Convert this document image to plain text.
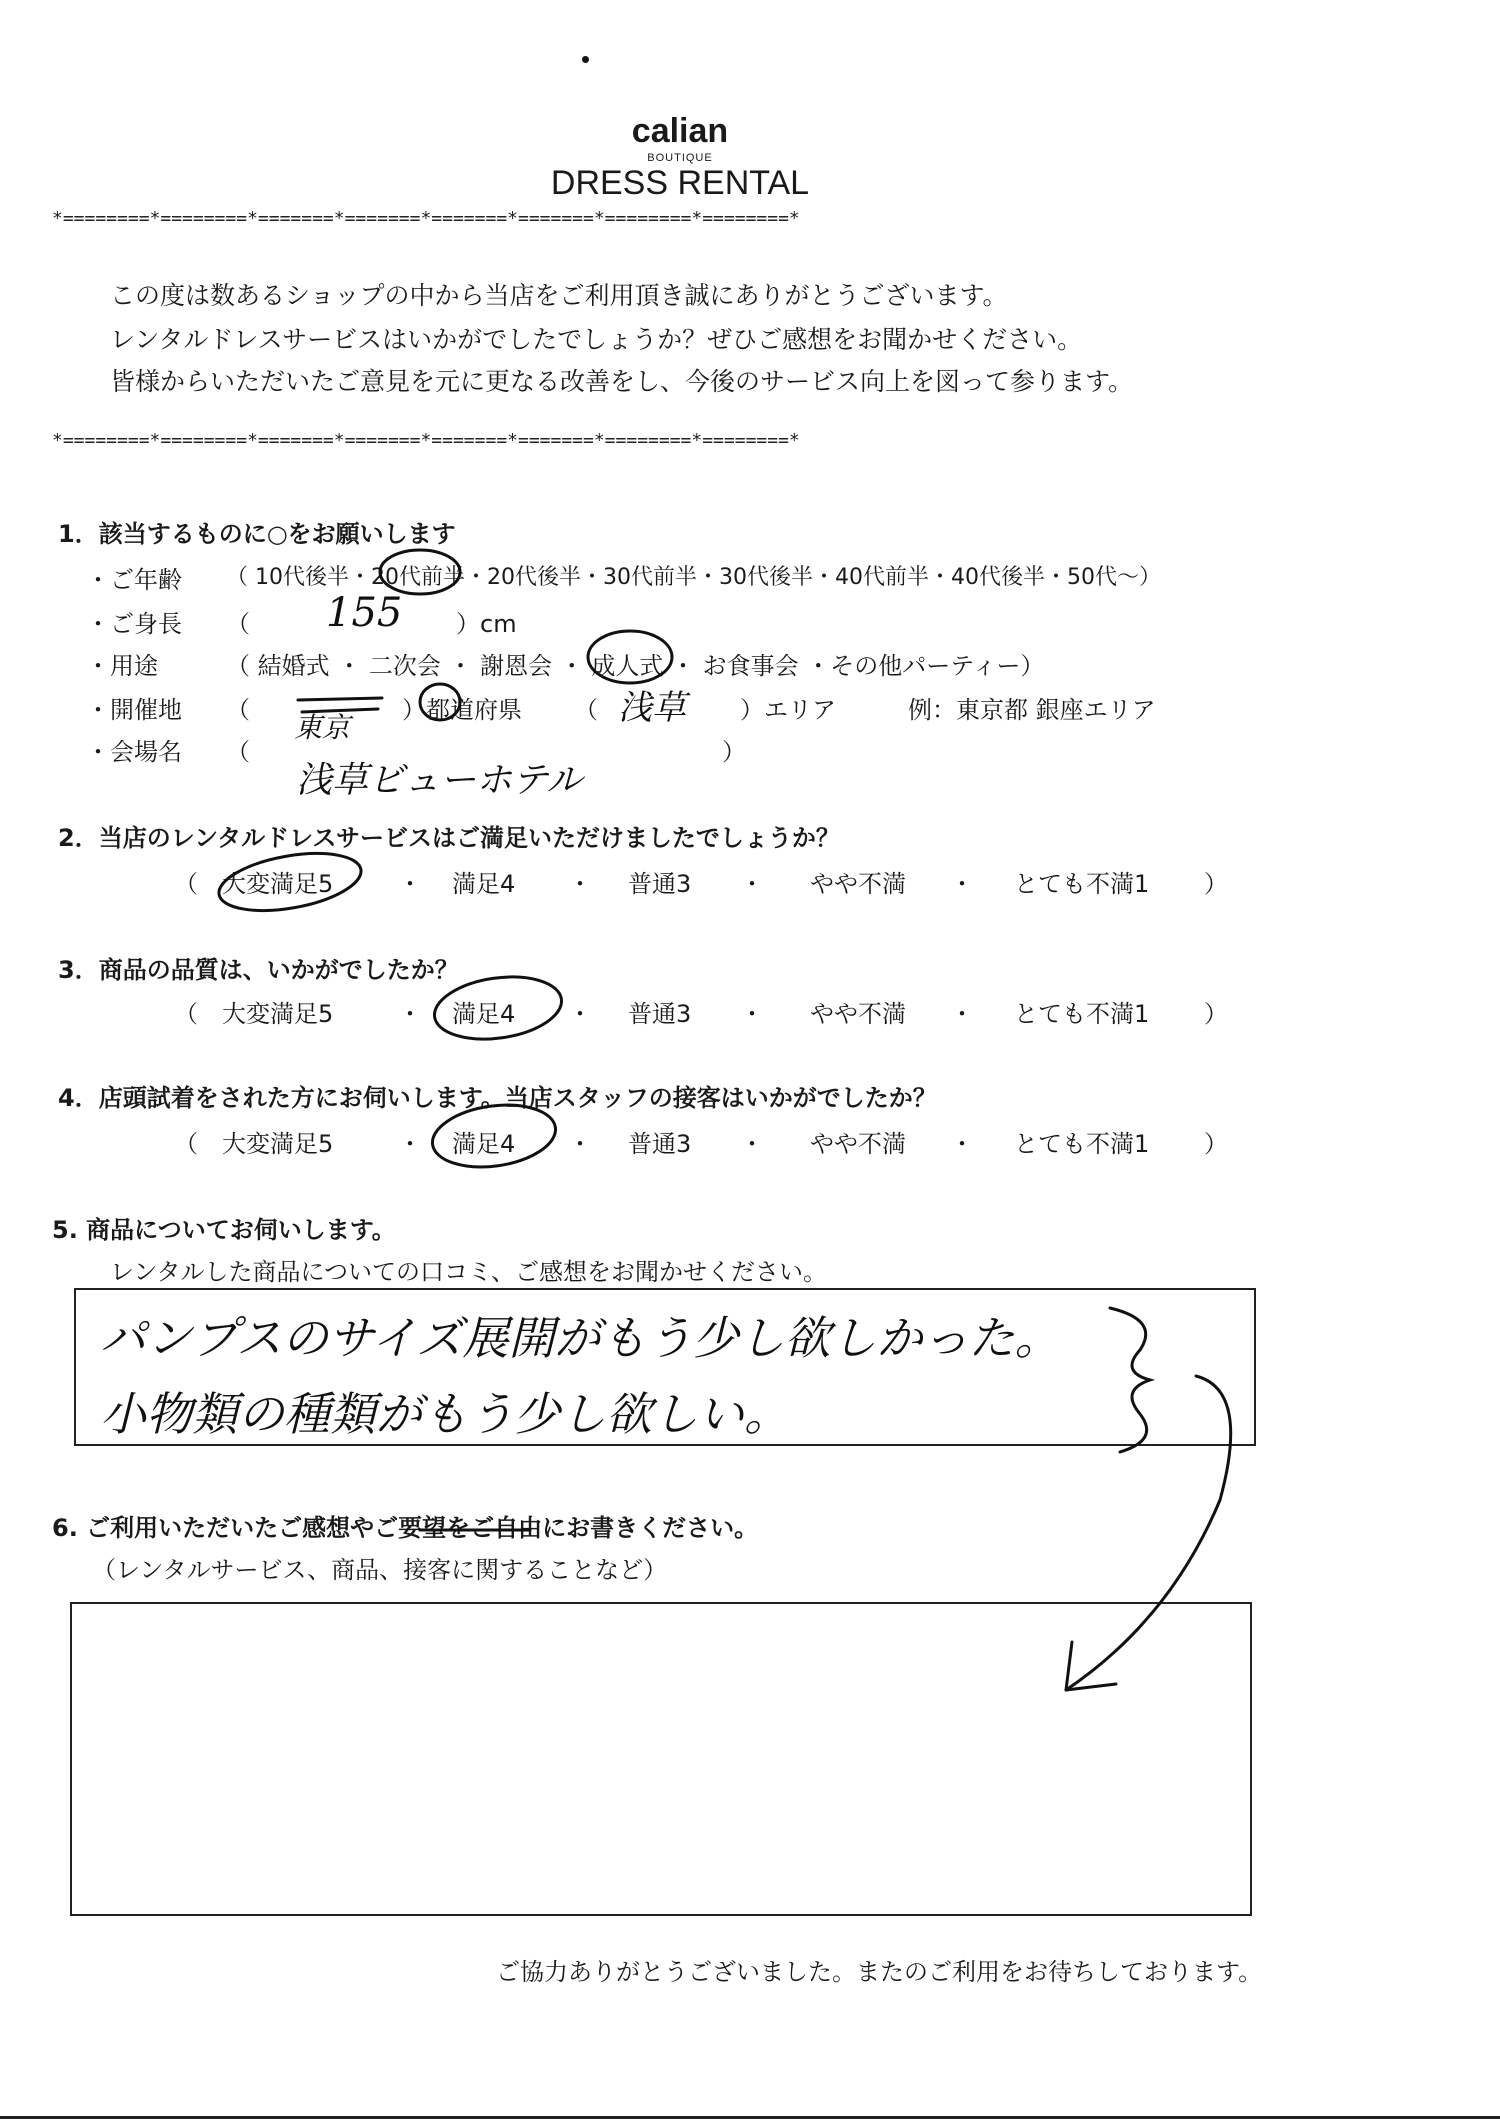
calian
BOUTIQUE
DRESS RENTAL
*========*========*=======*=======*=======*=======*========*========*
この度は数あるショップの中から当店をご利用頂き誠にありがとうございます。
レンタルドレスサービスはいかがでしたでしょうか？ぜひご感想をお聞かせください。
皆様からいただいたご意見を元に更なる改善をし、今後のサービス向上を図って参ります。
*========*========*=======*=======*=======*=======*========*========*
1．該当するものに○をお願いします
・ご年齢 （ 10代後半・20代前半・20代後半・30代前半・30代後半・40代前半・40代後半・50代～）
・ご身長 （ 155 ）cm
・用途	（ 結婚式 ・ 二次会 ・ 謝恩会 ・ 成人式 ・ お食事会 ・その他パーティー）
・開催地 （
東京
）都道府県 （ 浅草 ）エリア	例：東京都 銀座エリア
・会場名 （
浅草ビューホテル
）
2．当店のレンタルドレスサービスはご満足いただけましたでしょうか？
（ 大変満足5	・ 満足4 ・ 普通3 ・ やや不満 ・ とても不満1 ）
3．商品の品質は、いかがでしたか？
（ 大変満足5	・ 満足4 ・ 普通3 ・ やや不満 ・ とても不満1 ）
4．店頭試着をされた方にお伺いします。当店スタッフの接客はいかがでしたか？
（ 大変満足5	・ 満足4 ・ 普通3 ・ やや不満 ・ とても不満1 ）
5. 商品についてお伺いします。
レンタルした商品についての口コミ、ご感想をお聞かせください。
パンプスのサイズ展開がもう少し欲しかった。
小物類の種類がもう少し欲しい。
6. ご利用いただいたご感想やご要望をご自由にお書きください。
（レンタルサービス、商品、接客に関することなど）
ご協力ありがとうございました。またのご利用をお待ちしております。
